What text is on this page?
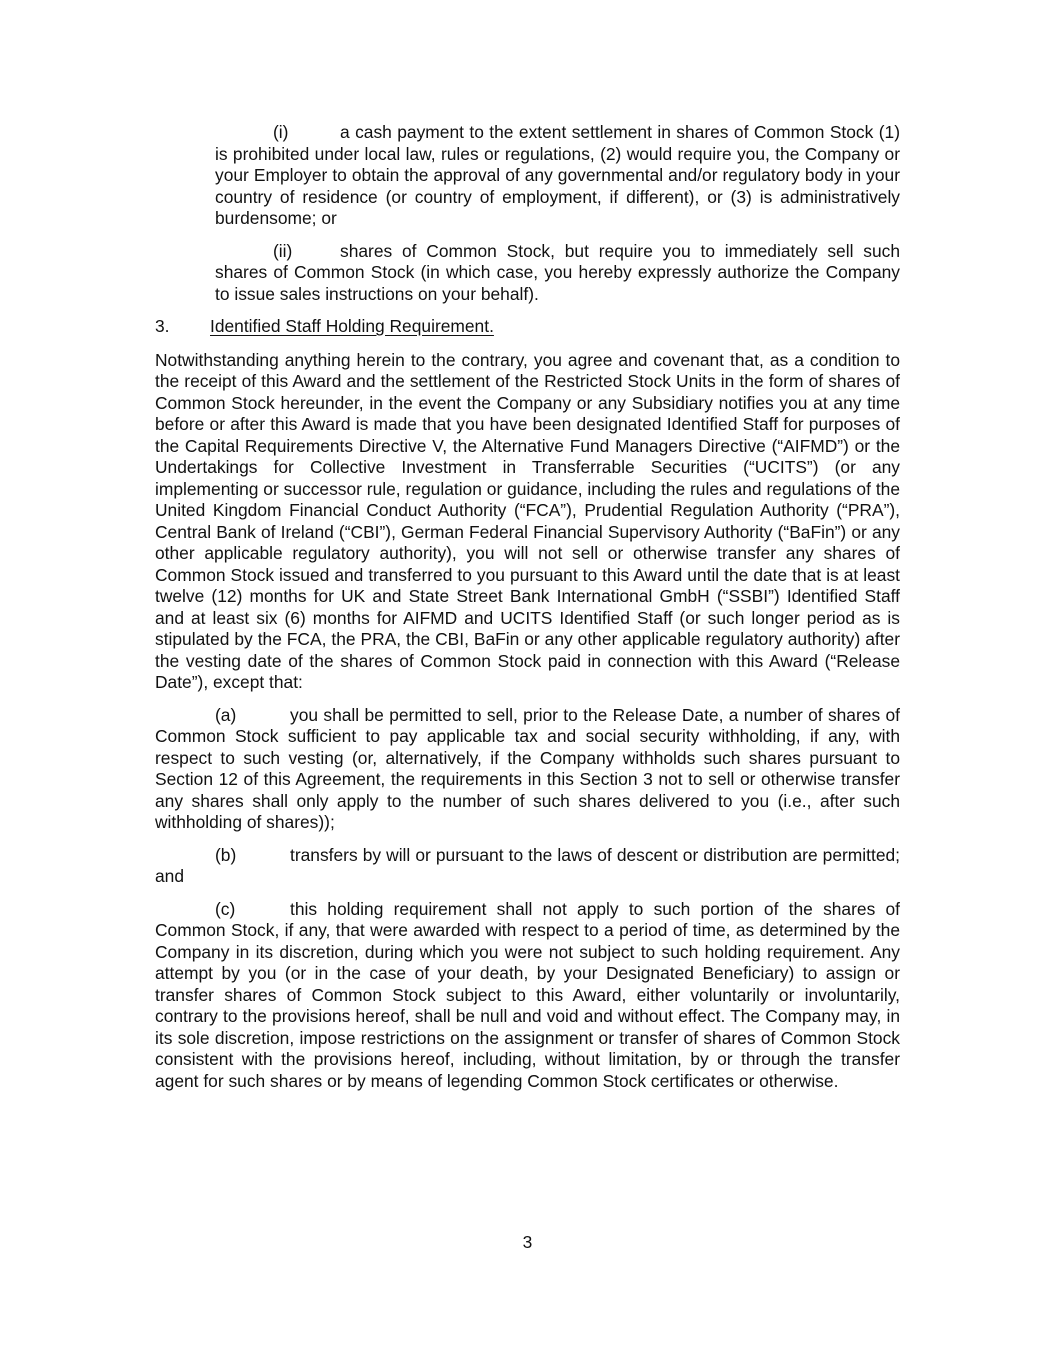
(i)	a cash payment to the extent settlement in shares of Common Stock (1) is prohibited under local law, rules or regulations, (2) would require you, the Company or your Employer to obtain the approval of any governmental and/or regulatory body in your country of residence (or country of employment, if different), or (3) is administratively burdensome; or

(ii)	shares of Common Stock, but require you to immediately sell such shares of Common Stock (in which case, you hereby expressly authorize the Company to issue sales instructions on your behalf).

3. Identified Staff Holding Requirement.

Notwithstanding anything herein to the contrary, you agree and covenant that, as a condition to the receipt of this Award and the settlement of the Restricted Stock Units in the form of shares of Common Stock hereunder, in the event the Company or any Subsidiary notifies you at any time before or after this Award is made that you have been designated Identified Staff for purposes of the Capital Requirements Directive V, the Alternative Fund Managers Directive (“AIFMD”) or the Undertakings for Collective Investment in Transferrable Securities (“UCITS”) (or any implementing or successor rule, regulation or guidance, including the rules and regulations of the United Kingdom Financial Conduct Authority (“FCA”), Prudential Regulation Authority (“PRA”), Central Bank of Ireland (“CBI”), German Federal Financial Supervisory Authority (“BaFin”) or any other applicable regulatory authority), you will not sell or otherwise transfer any shares of Common Stock issued and transferred to you pursuant to this Award until the date that is at least twelve (12) months for UK and State Street Bank International GmbH (“SSBI”) Identified Staff and at least six (6) months for AIFMD and UCITS Identified Staff (or such longer period as is stipulated by the FCA, the PRA, the CBI, BaFin or any other applicable regulatory authority) after the vesting date of the shares of Common Stock paid in connection with this Award (“Release Date”), except that:

(a)	you shall be permitted to sell, prior to the Release Date, a number of shares of Common Stock sufficient to pay applicable tax and social security withholding, if any, with respect to such vesting (or, alternatively, if the Company withholds such shares pursuant to Section 12 of this Agreement, the requirements in this Section 3 not to sell or otherwise transfer any shares shall only apply to the number of such shares delivered to you (i.e., after such withholding of shares));

(b)	transfers by will or pursuant to the laws of descent or distribution are permitted; and

(c)	this holding requirement shall not apply to such portion of the shares of Common Stock, if any, that were awarded with respect to a period of time, as determined by the Company in its discretion, during which you were not subject to such holding requirement. Any attempt by you (or in the case of your death, by your Designated Beneficiary) to assign or transfer shares of Common Stock subject to this Award, either voluntarily or involuntarily, contrary to the provisions hereof, shall be null and void and without effect. The Company may, in its sole discretion, impose restrictions on the assignment or transfer of shares of Common Stock consistent with the provisions hereof, including, without limitation, by or through the transfer agent for such shares or by means of legending Common Stock certificates or otherwise.

3
